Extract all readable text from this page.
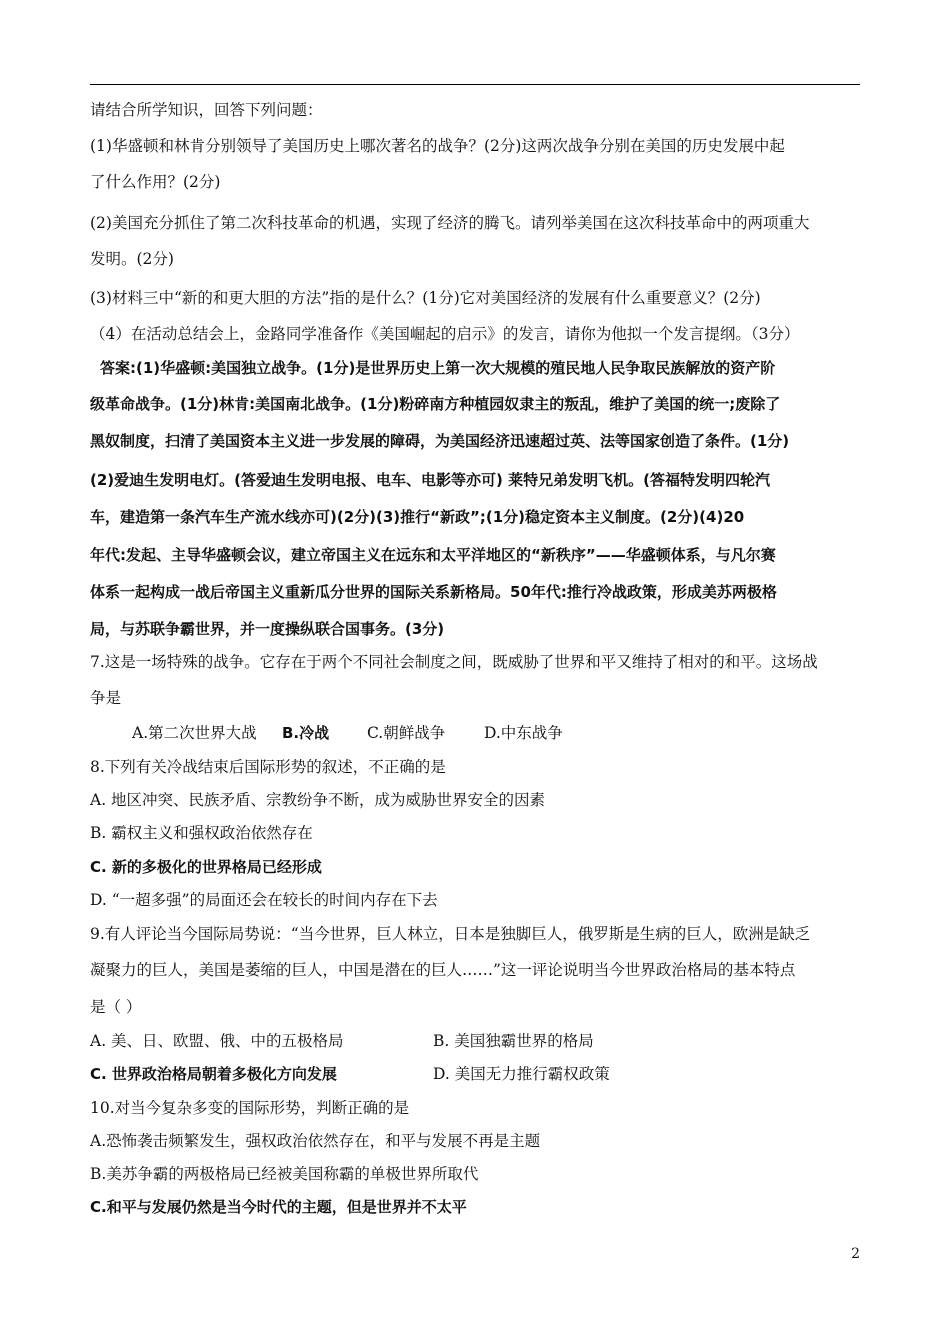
请结合所学知识，回答下列问题：
(1)华盛顿和林肯分别领导了美国历史上哪次著名的战争？(2分)这两次战争分别在美国的历史发展中起
了什么作用？(2分)
(2)美国充分抓住了第二次科技革命的机遇，实现了经济的腾飞。请列举美国在这次科技革命中的两项重大
发明。(2分)
(3)材料三中“新的和更大胆的方法”指的是什么？(1分)它对美国经济的发展有什么重要意义？(2分)
（4）在活动总结会上，金路同学准备作《美国崛起的启示》的发言，请你为他拟一个发言提纲。（3分）
答案:(1)华盛顿:美国独立战争。(1分)是世界历史上第一次大规模的殖民地人民争取民族解放的资产阶
级革命战争。(1分)林肯:美国南北战争。(1分)粉碎南方种植园奴隶主的叛乱，维护了美国的统一;废除了
黑奴制度，扫清了美国资本主义进一步发展的障碍，为美国经济迅速超过英、法等国家创造了条件。(1分)
(2)爱迪生发明电灯。(答爱迪生发明电报、电车、电影等亦可) 莱特兄弟发明飞机。(答福特发明四轮汽
车，建造第一条汽车生产流水线亦可)(2分)(3)推行“新政”;(1分)稳定资本主义制度。(2分)(4)20
年代:发起、主导华盛顿会议，建立帝国主义在远东和太平洋地区的“新秩序”——华盛顿体系，与凡尔赛
体系一起构成一战后帝国主义重新瓜分世界的国际关系新格局。50年代:推行冷战政策，形成美苏两极格
局，与苏联争霸世界，并一度操纵联合国事务。(3分)
7.这是一场特殊的战争。它存在于两个不同社会制度之间，既威胁了世界和平又维持了相对的和平。这场战
争是
A.第二次世界大战 B.冷战 C.朝鲜战争	D.中东战争
8.下列有关冷战结束后国际形势的叙述，不正确的是
A. 地区冲突、民族矛盾、宗教纷争不断，成为威胁世界安全的因素
B. 霸权主义和强权政治依然存在
C. 新的多极化的世界格局已经形成
D. “一超多强”的局面还会在较长的时间内存在下去
9.有人评论当今国际局势说：“当今世界，巨人林立，日本是独脚巨人，俄罗斯是生病的巨人，欧洲是缺乏
凝聚力的巨人，美国是萎缩的巨人，中国是潜在的巨人……”这一评论说明当今世界政治格局的基本特点
是（ ）
A. 美、日、欧盟、俄、中的五极格局	B. 美国独霸世界的格局
C. 世界政治格局朝着多极化方向发展	D. 美国无力推行霸权政策
10.对当今复杂多变的国际形势，判断正确的是
A.恐怖袭击频繁发生，强权政治依然存在，和平与发展不再是主题
B.美苏争霸的两极格局已经被美国称霸的单极世界所取代
C.和平与发展仍然是当今时代的主题，但是世界并不太平
2
